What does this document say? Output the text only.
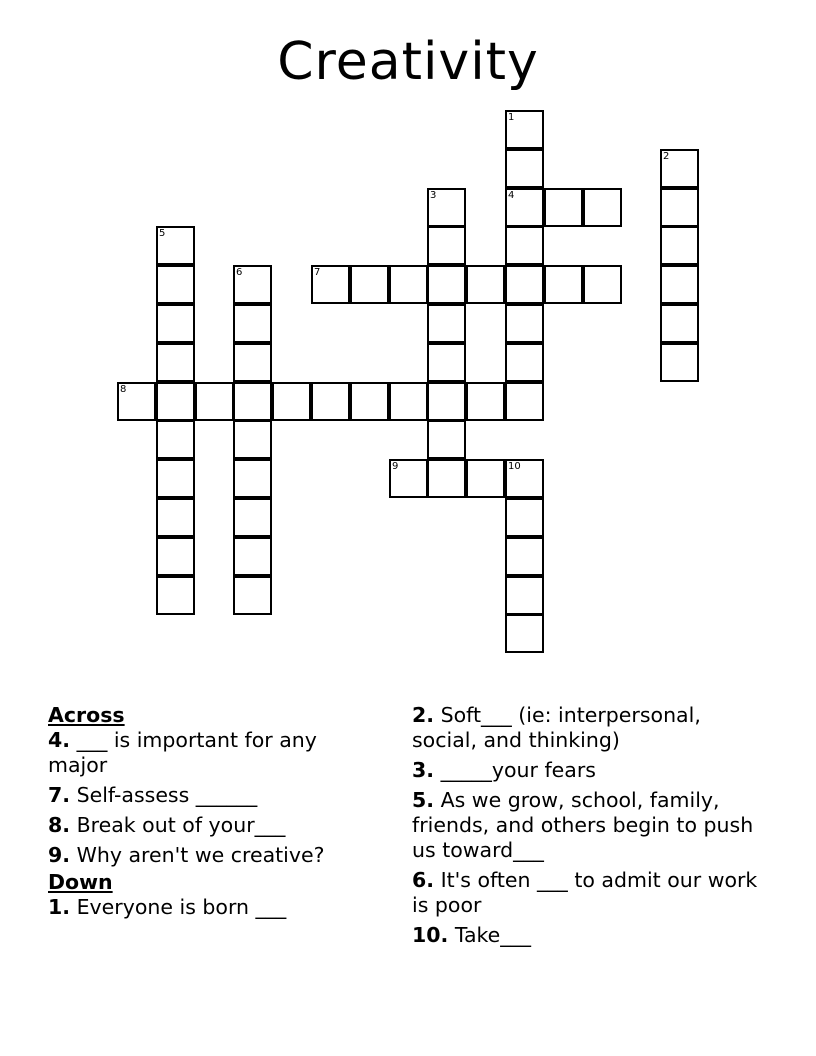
Creativity
1
2
3	4
5
6	7
8
9	10
Across
4. ___ is important for any major
7. Self-assess ______
8. Break out of your___
9. Why aren't we creative?
Down
1. Everyone is born ___
2. Soft___ (ie: interpersonal, social, and thinking)
3. _____your fears
5. As we grow, school, family, friends, and others begin to push us toward___
6. It's often ___ to admit our work is poor
10. Take___
